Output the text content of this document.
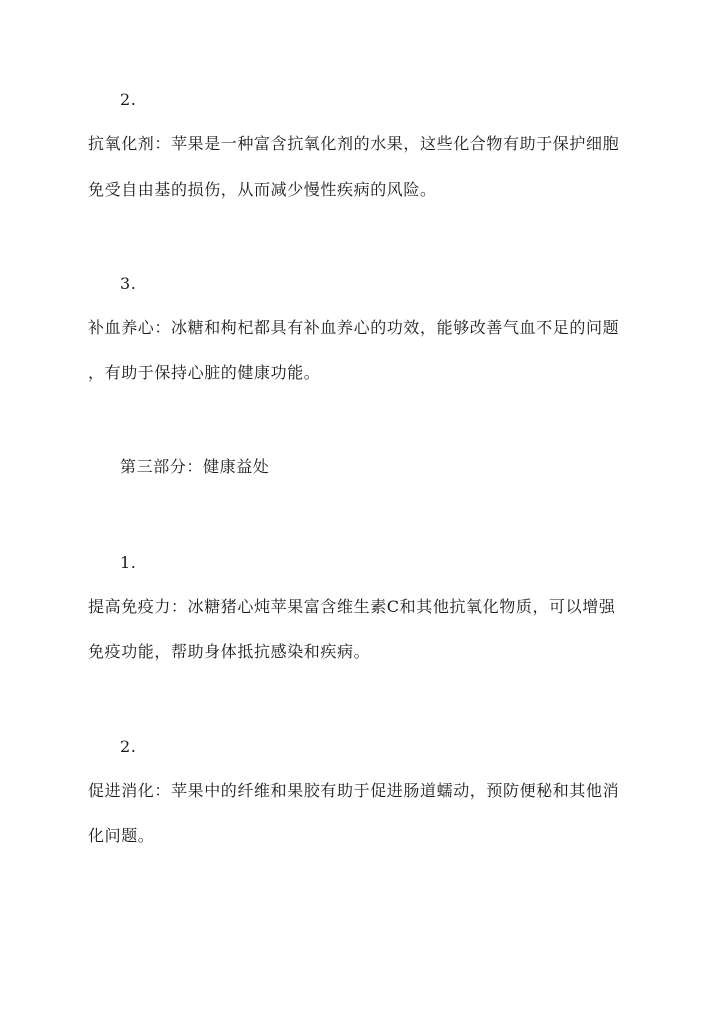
2.
抗氧化剂：苹果是一种富含抗氧化剂的水果，这些化合物有助于保护细胞
免受自由基的损伤，从而减少慢性疾病的风险。
3.
补血养心：冰糖和枸杞都具有补血养心的功效，能够改善气血不足的问题
，有助于保持心脏的健康功能。
第三部分：健康益处
1.
提高免疫力：冰糖猪心炖苹果富含维生素C和其他抗氧化物质，可以增强
免疫功能，帮助身体抵抗感染和疾病。
2.
促进消化：苹果中的纤维和果胶有助于促进肠道蠕动，预防便秘和其他消
化问题。
